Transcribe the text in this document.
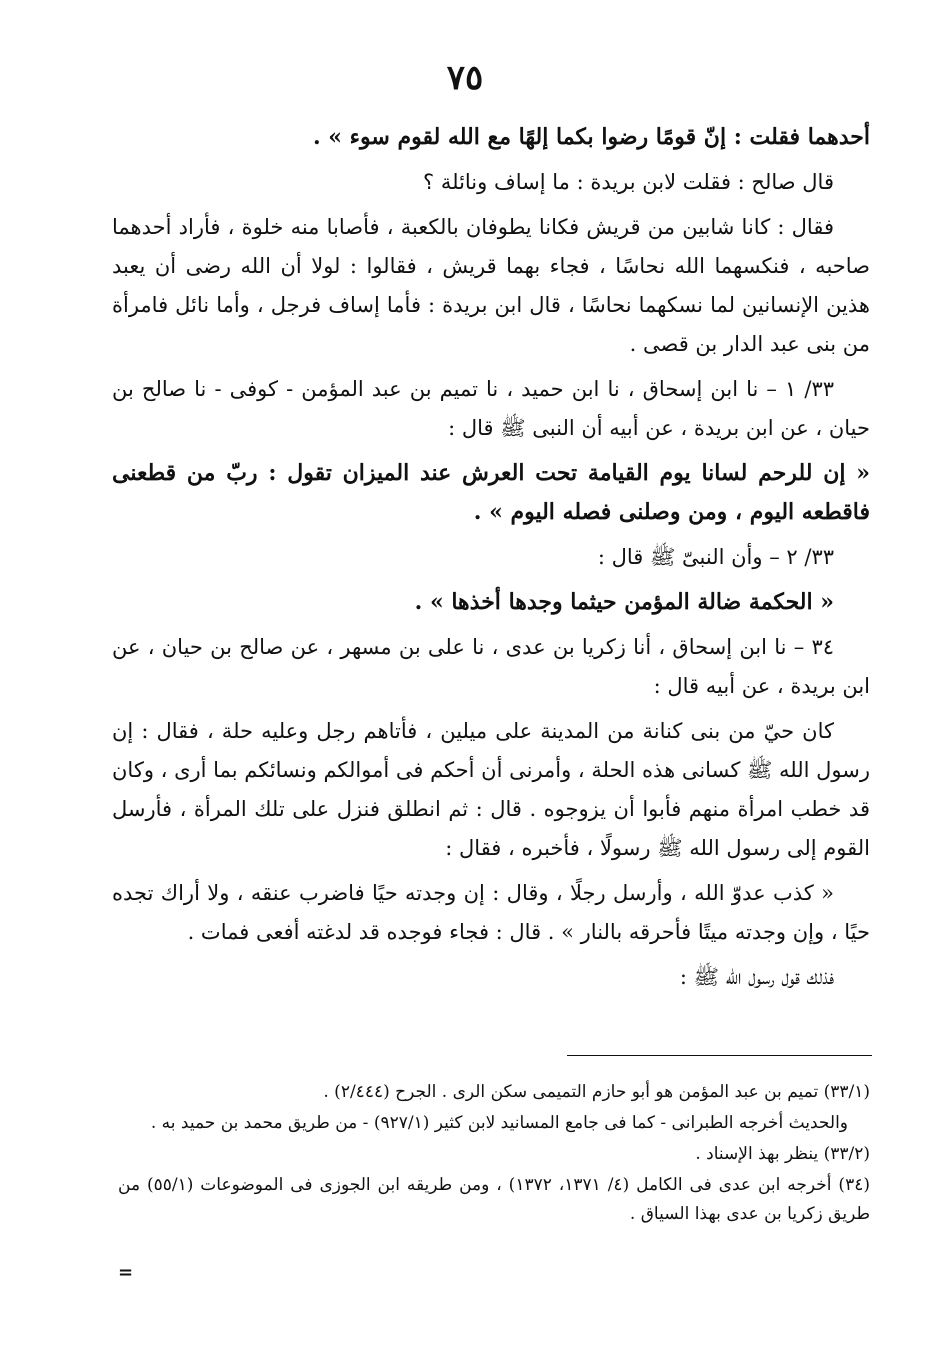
٧٥

أحدهما فقلت : إنّ قومًا رضوا بكما إلهًا مع الله لقوم سوء » .

قال صالح : فقلت لابن بريدة : ما إساف ونائلة ؟

فقال : كانا شابين من قريش فكانا يطوفان بالكعبة ، فأصابا منه خلوة ، فأراد أحدهما صاحبه ، فنكسهما الله نحاسًا ، فجاء بهما قريش ، فقالوا : لولا أن الله رضى أن يعبد هذين الإنسانين لما نسكهما نحاسًا ، قال ابن بريدة : فأما إساف فرجل ، وأما نائل فامرأة من بنى عبد الدار بن قصى .

٣٣/ ١ – نا ابن إسحاق ، نا ابن حميد ، نا تميم بن عبد المؤمن - كوفى - نا صالح بن حيان ، عن ابن بريدة ، عن أبيه أن النبى ﷺ قال :

« إن للرحم لسانا يوم القيامة تحت العرش عند الميزان تقول : ربّ من قطعنى فاقطعه اليوم ، ومن وصلنى فصله اليوم » .

٣٣/ ٢ – وأن النبىّ ﷺ قال :

« الحكمة ضالة المؤمن حيثما وجدها أخذها » .

٣٤ – نا ابن إسحاق ، أنا زكريا بن عدى ، نا على بن مسهر ، عن صالح بن حيان ، عن ابن بريدة ، عن أبيه قال :

كان حيّ من بنى كنانة من المدينة على ميلين ، فأتاهم رجل وعليه حلة ، فقال : إن رسول الله ﷺ كسانى هذه الحلة ، وأمرنى أن أحكم فى أموالكم ونسائكم بما أرى ، وكان قد خطب امرأة منهم فأبوا أن يزوجوه . قال : ثم انطلق فنزل على تلك المرأة ، فأرسل القوم إلى رسول الله ﷺ رسولًا ، فأخبره ، فقال :

« كذب عدوّ الله ، وأرسل رجلًا ، وقال : إن وجدته حيًا فاضرب عنقه ، ولا أراك تجده حيًا ، وإن وجدته ميتًا فأحرقه بالنار » . قال : فجاء فوجده قد لدغته أفعى فمات .

فذلك قول رسول الله ﷺ :

(٣٣/١) تميم بن عبد المؤمن هو أبو حازم التميمى سكن الرى . الجرح (٢/٤٤٤) .

والحديث أخرجه الطبرانى - كما فى جامع المسانيد لابن كثير (٩٢٧/١) - من طريق محمد بن حميد به .

(٣٣/٢) ينظر بهذ الإسناد .

(٣٤) أخرجه ابن عدى فى الكامل (٤/ ١٣٧١، ١٣٧٢) ، ومن طريقه ابن الجوزى فى الموضوعات (٥٥/١) من طريق زكريا بن عدى بهذا السياق .

=
